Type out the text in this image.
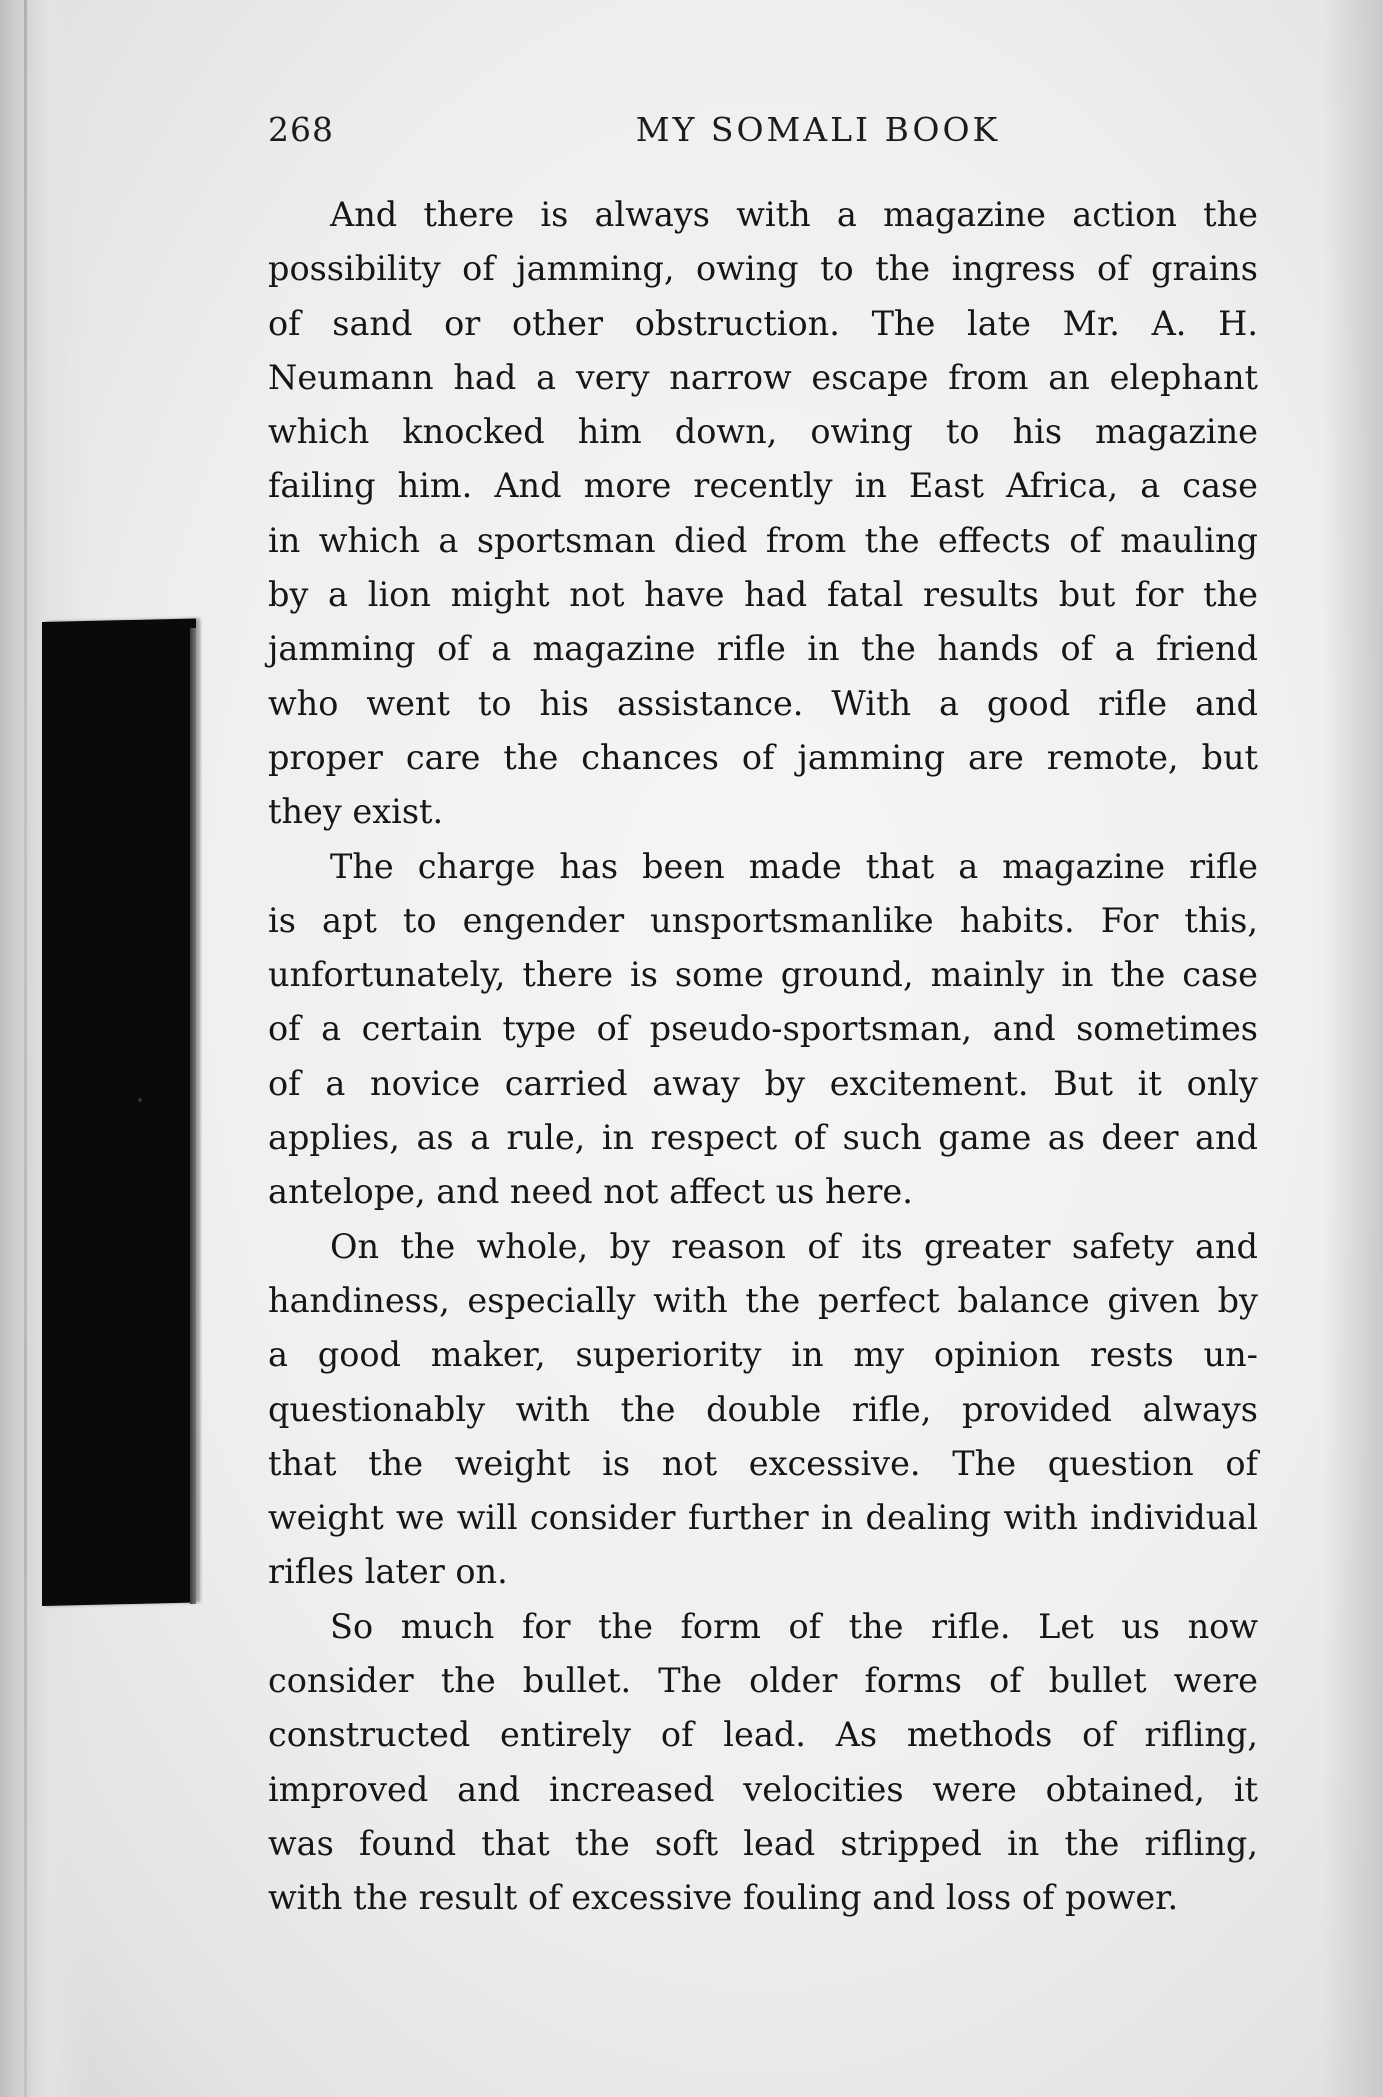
268	MY SOMALI BOOK
And there is always with a magazine action the
possibility of jamming, owing to the ingress of grains
of sand or other obstruction. The late Mr. A. H.
Neumann had a very narrow escape from an elephant
which knocked him down, owing to his magazine
failing him. And more recently in East Africa, a case
in which a sportsman died from the effects of mauling
by a lion might not have had fatal results but for the
jamming of a magazine rifle in the hands of a friend
who went to his assistance. With a good rifle and
proper care the chances of jamming are remote, but
they exist.
The charge has been made that a magazine rifle
is apt to engender unsportsmanlike habits. For this,
unfortunately, there is some ground, mainly in the case
of a certain type of pseudo-sportsman, and sometimes
of a novice carried away by excitement. But it only
applies, as a rule, in respect of such game as deer and
antelope, and need not affect us here.
On the whole, by reason of its greater safety and
handiness, especially with the perfect balance given by
a good maker, superiority in my opinion rests un-
questionably with the double rifle, provided always
that the weight is not excessive. The question of
weight we will consider further in dealing with individual
rifles later on.
So much for the form of the rifle. Let us now
consider the bullet. The older forms of bullet were
constructed entirely of lead. As methods of rifling,
improved and increased velocities were obtained, it
was found that the soft lead stripped in the rifling,
with the result of excessive fouling and loss of power.
